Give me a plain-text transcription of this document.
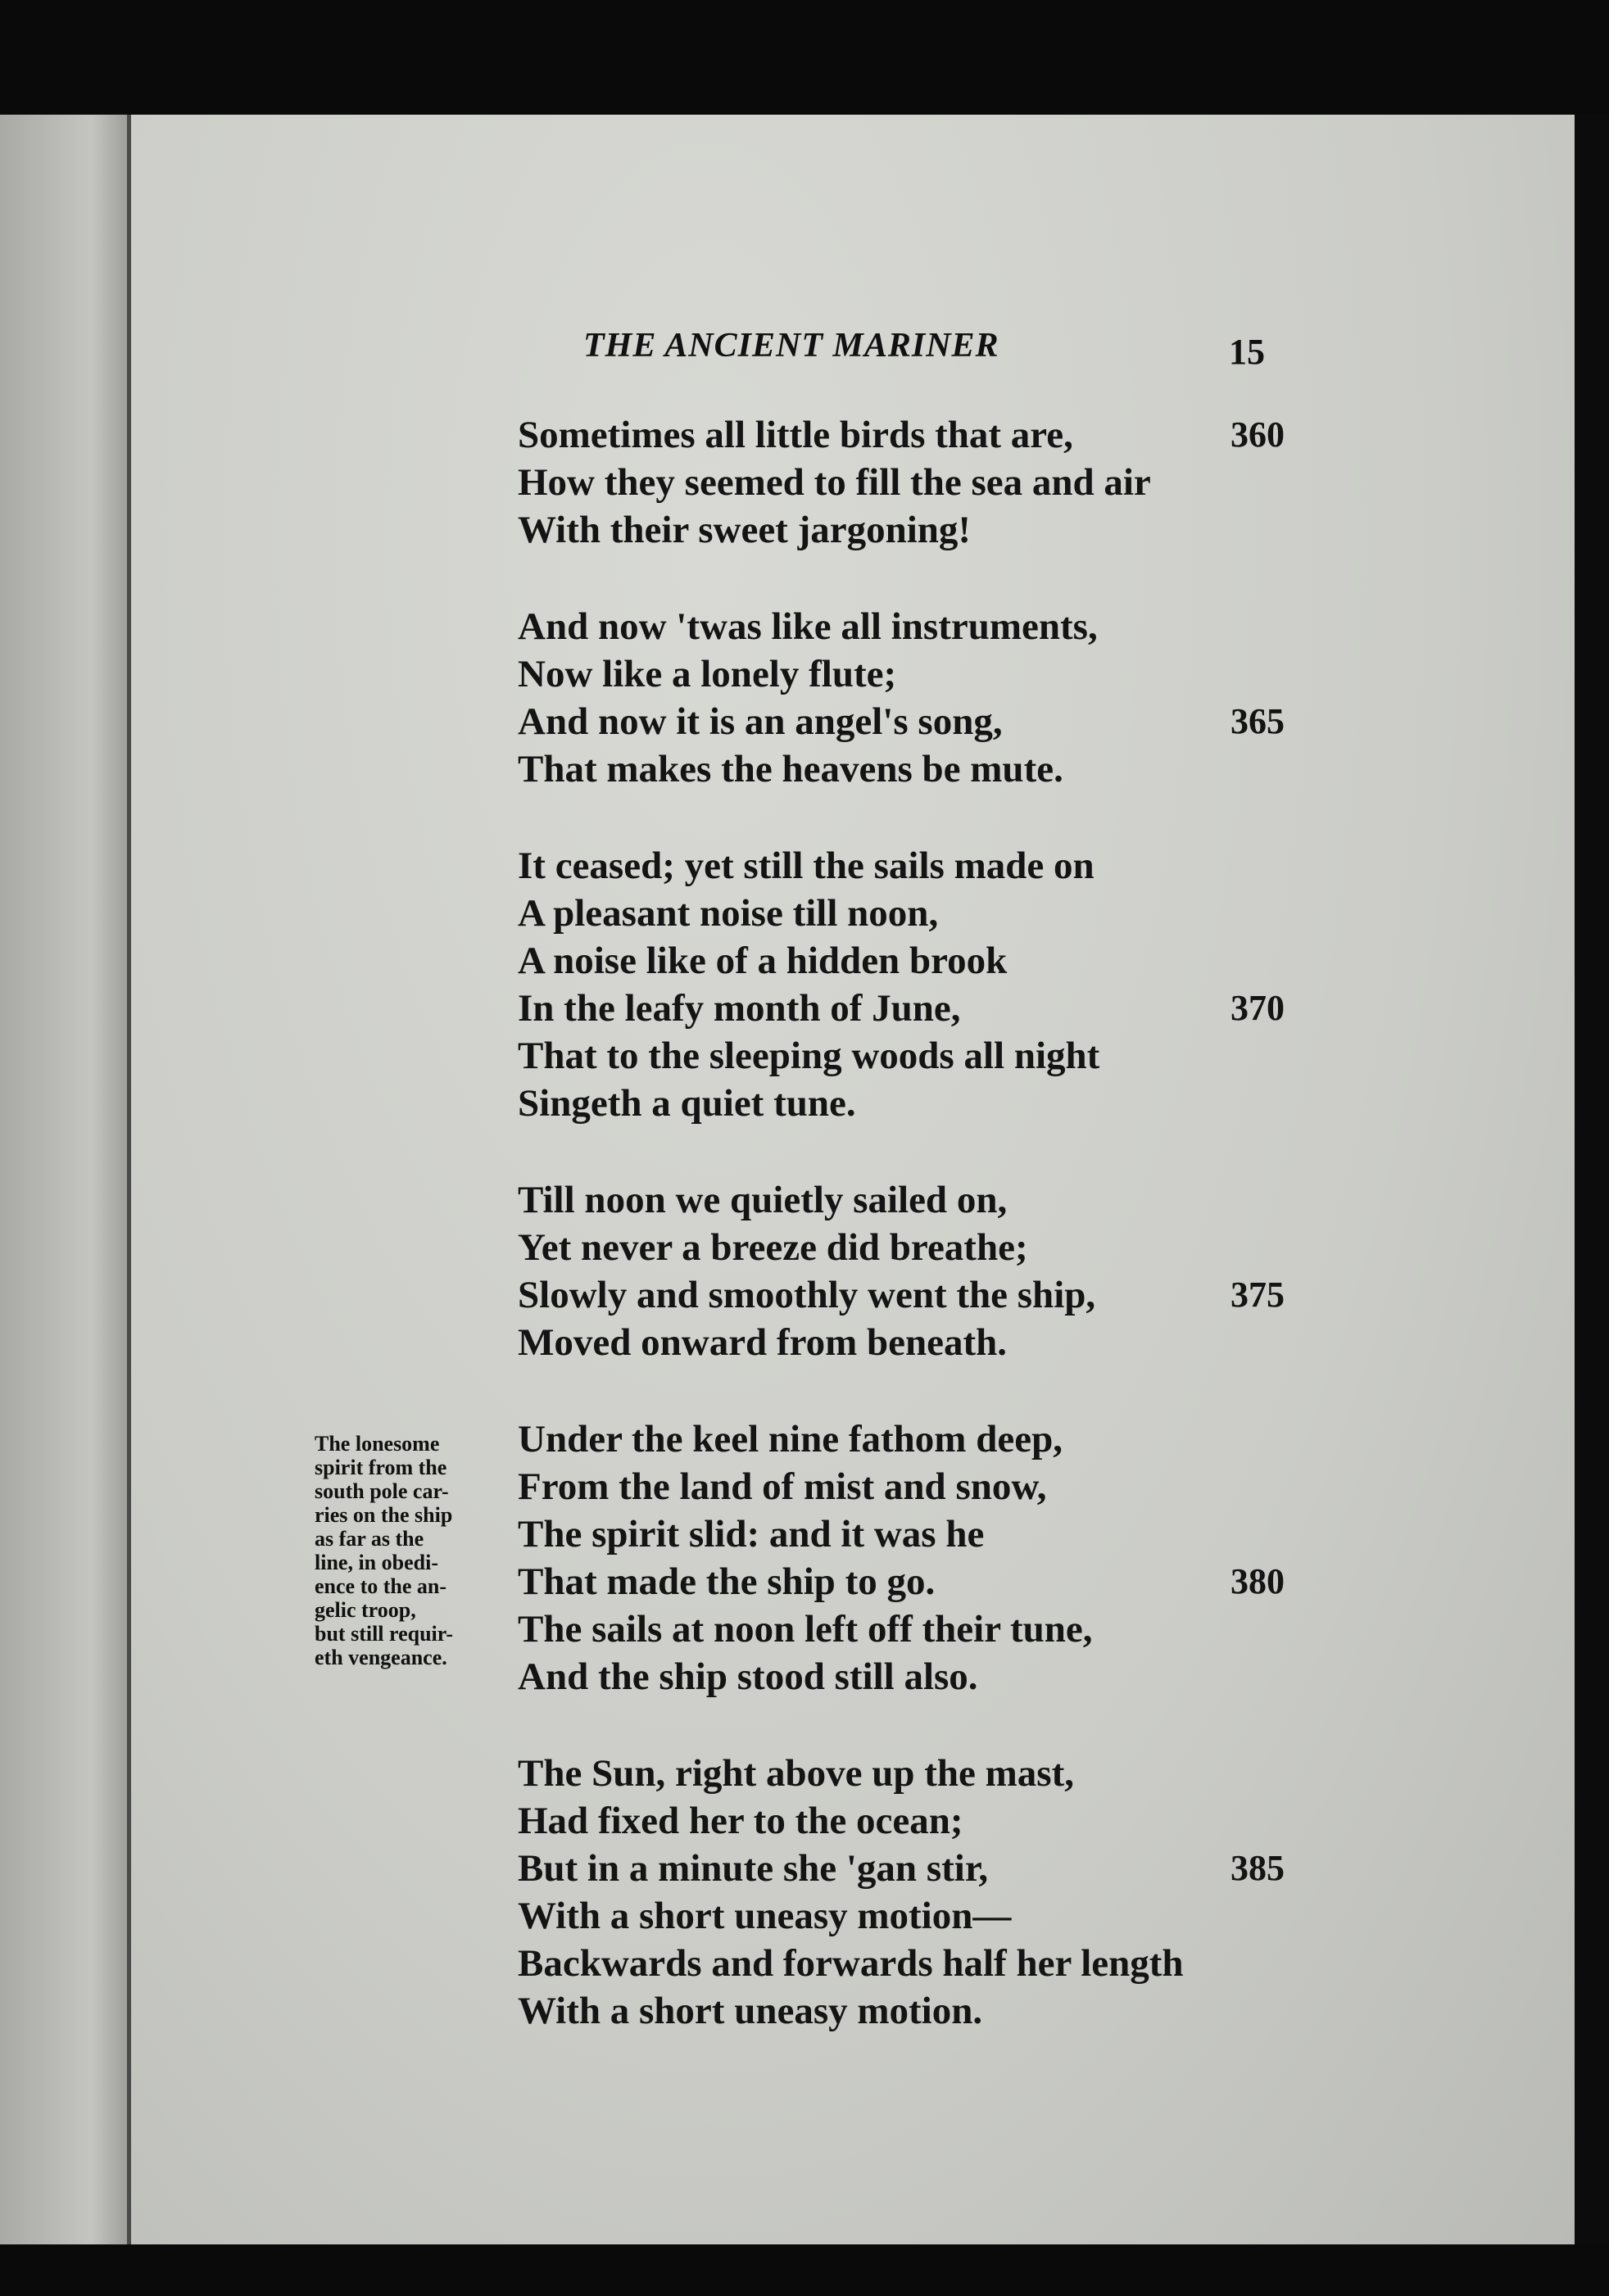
THE ANCIENT MARINER	15
The lonesome
spirit from the
south pole car-
ries on the ship
as far as the
line, in obedi-
ence to the an-
gelic troop,
but still requir-
eth vengeance.
Sometimes all little birds that are,	360
How they seemed to fill the sea and air
With their sweet jargoning!
And now 'twas like all instruments,
Now like a lonely flute;
And now it is an angel's song,	365
That makes the heavens be mute.
It ceased; yet still the sails made on
A pleasant noise till noon,
A noise like of a hidden brook
In the leafy month of June,	370
That to the sleeping woods all night
Singeth a quiet tune.
Till noon we quietly sailed on,
Yet never a breeze did breathe;
Slowly and smoothly went the ship,	375
Moved onward from beneath.
Under the keel nine fathom deep,
From the land of mist and snow,
The spirit slid: and it was he
That made the ship to go.	380
The sails at noon left off their tune,
And the ship stood still also.
The Sun, right above up the mast,
Had fixed her to the ocean;
But in a minute she 'gan stir,	385
With a short uneasy motion—
Backwards and forwards half her length
With a short uneasy motion.
